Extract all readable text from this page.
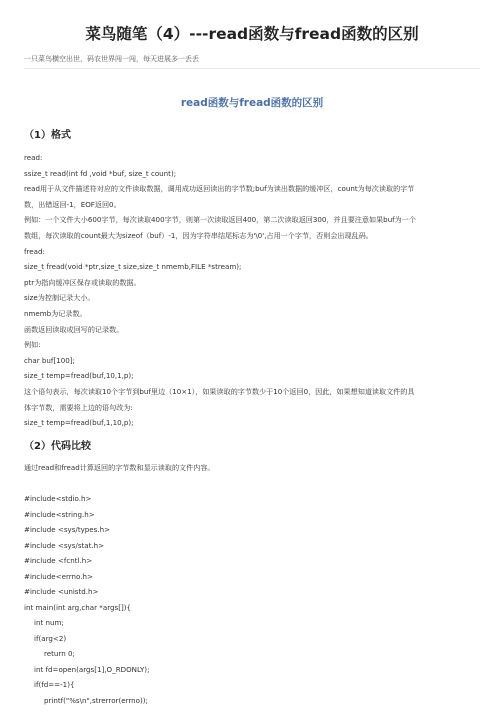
菜鸟随笔（4）---read函数与fread函数的区别

一只菜鸟横空出世，码农世界闯一闯，每天进展多一丢丢

read函数与fread函数的区别
（1）格式
read:
ssize_t read(int fd ,void *buf, size_t count);
read用于从文件描述符对应的文件读取数据，调用成功返回读出的字节数;buf为读出数据的缓冲区，count为每次读取的字节
数，出错返回-1，EOF返回0。
例如：一个文件大小600字节，每次读取400字节，则第一次读取返回400，第二次读取返回300，并且要注意如果buf为一个
数组，每次读取的count最大为sizeof（buf）-1，因为字符串结尾标志为'\0',占用一个字节，否则会出现乱码。
fread:
size_t fread(void *ptr,size_t size,size_t nmemb,FILE *stream);
ptr为指向缓冲区保存或读取的数据。
size为控制记录大小。
nmemb为记录数。
函数返回读取或回写的记录数。
例如:
char buf[100];
size_t temp=fread(buf,10,1,p);
这个语句表示，每次读取10个字节到buf里边（10×1），如果读取的字节数少于10个返回0，因此，如果想知道读取文件的具
体字节数，需要将上边的语句改为:
size_t temp=fread(buf,1,10,p);
（2）代码比较
通过read和fread计算返回的字节数和显示读取的文件内容。
#include<stdio.h>
#include<string.h>
#include <sys/types.h>
#include <sys/stat.h>
#include <fcntl.h>
#include<errno.h>
#include <unistd.h>
int main(int arg,char *args[]){
int num;
if(arg<2)
return 0;
int fd=open(args[1],O_RDONLY);
if(fd==-1){
printf("%s\n",strerror(errno));
